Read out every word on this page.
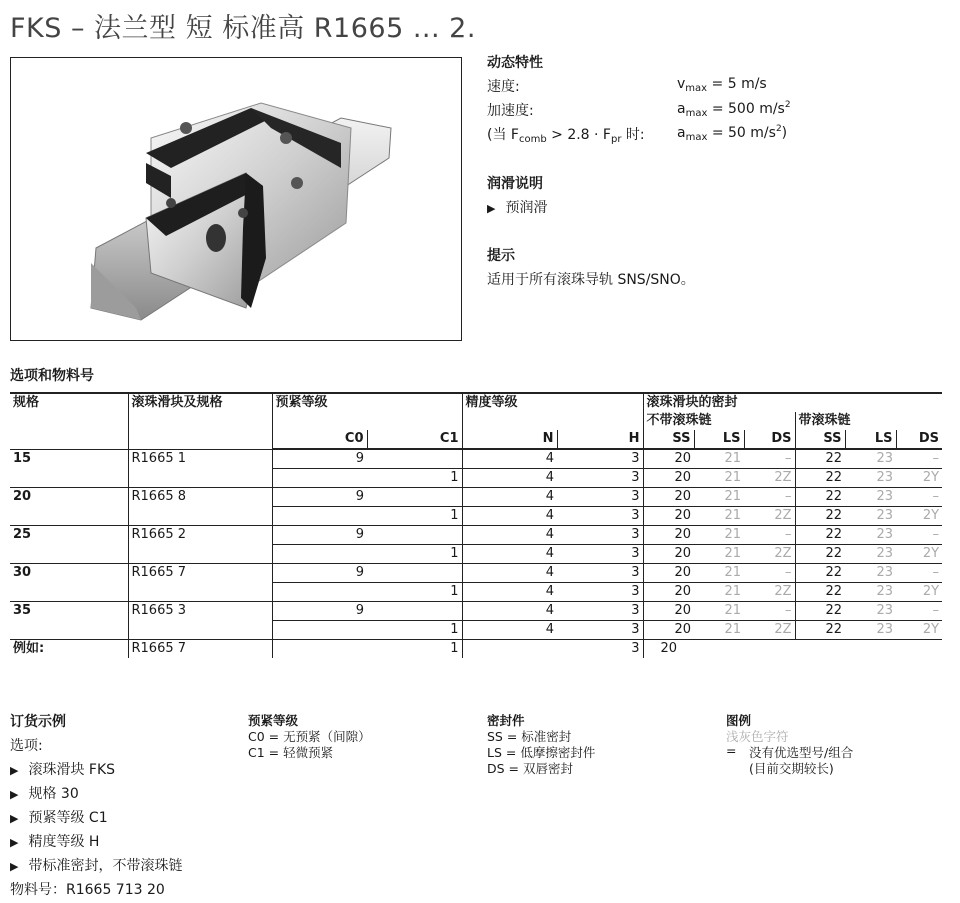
FKS – 法兰型 短 标准高 R1665 ... 2.
动态特性
速度:	$v_{max} = 5$ m/s
加速度:	$a_{max} = 500$ $m/s^2$
(当 $F_{comb} > 2.8 \cdot F_{pr}$ 时: $a_{max} = 50$ $m/s^2$)
润滑说明
▶ 预润滑
提示
适用于所有滚珠导轨 SNS/SNO。
选项和物料号
规格	滚珠滑块及规格	预紧等级		精度等级		滚珠滑块的密封					
						不带滚珠链			带滚珠链		
		C0	C1	N	H	SS	LS	DS	SS	LS	DS
15	R1665 1	9		4	3	20	21	–	22	23	–
			1	4	3	20	21	2Z	22	23	2Y
20	R1665 8	9		4	3	20	21	–	22	23	–
			1	4	3	20	21	2Z	22	23	2Y
25	R1665 2	9		4	3	20	21	–	22	23	–
			1	4	3	20	21	2Z	22	23	2Y
30	R1665 7	9		4	3	20	21	–	22	23	–
			1	4	3	20	21	2Z	22	23	2Y
35	R1665 3	9		4	3	20	21	–	22	23	–
			1	4	3	20	21	2Z	22	23	2Y
例如:	R1665 7		1		3	20					
订货示例
选项:
▶ 滚珠滑块 FKS
▶ 规格 30
▶ 预紧等级 C1
▶ 精度等级 H
▶ 带标准密封，不带滚珠链
物料号：R1665 713 20
预紧等级
C0 = 无预紧（间隙）
C1 = 轻微预紧
密封件
SS = 标准密封
LS = 低摩擦密封件
DS = 双唇密封
图例
浅灰色字符
= 没有优选型号/组合
(目前交期较长)
